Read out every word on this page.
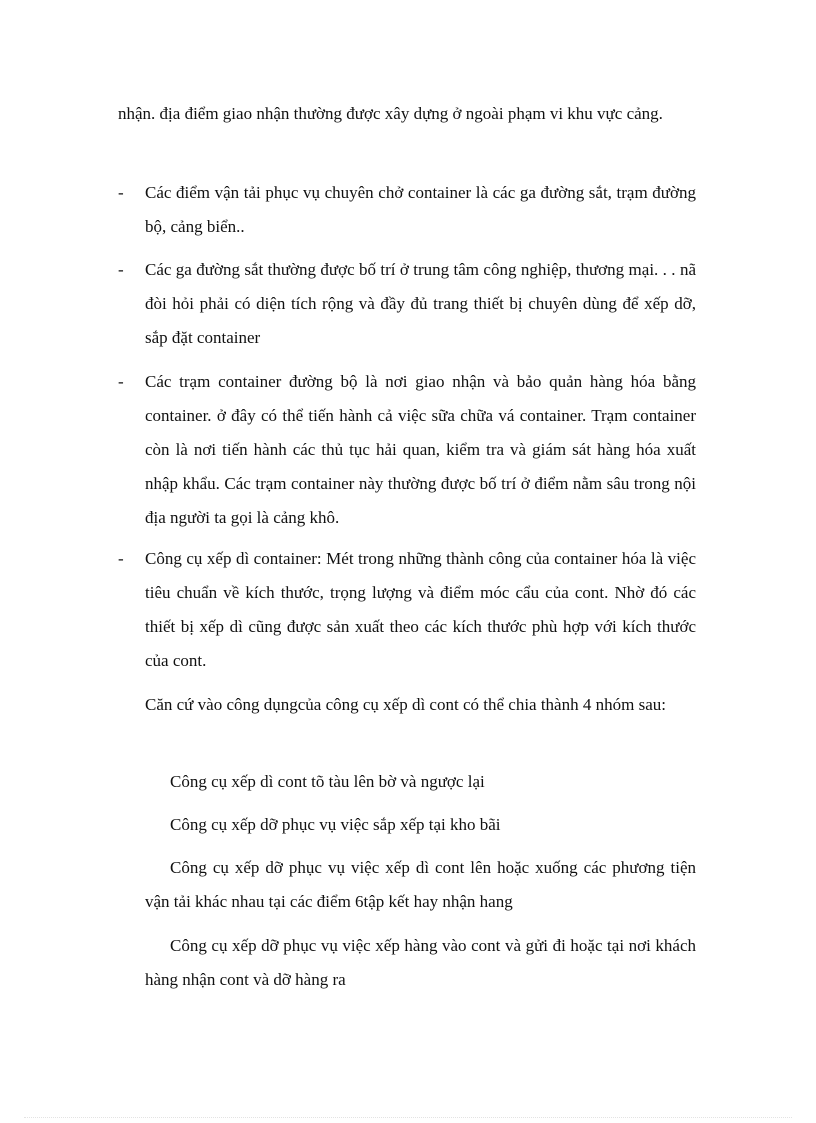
nhận. địa điểm giao nhận thường được xây dựng ở ngoài phạm vi khu vực cảng.

-	Các điểm vận tải phục vụ chuyên chở container là các ga đường sắt, trạm đường bộ, cảng biển..

-	Các ga đường sắt thường được bố trí ở trung tâm công nghiệp, thương mại. . . nã đòi hỏi phải có diện tích rộng và đầy đủ trang thiết bị chuyên dùng để xếp dỡ, sắp đặt container

-	Các trạm container đường bộ là nơi giao nhận và bảo quản hàng hóa bằng container. ở đây có thể tiến hành cả việc sữa chữa vá container. Trạm container còn là nơi tiến hành các thủ tục hải quan, kiểm tra và giám sát hàng hóa xuất nhập khẩu. Các trạm container này thường được bố trí ở điểm nằm sâu trong nội địa người ta gọi là cảng khô.

-	Công cụ xếp dì container: Mét trong những thành công của container hóa là việc tiêu chuẩn về kích thước, trọng lượng và điểm móc cẩu của cont. Nhờ đó các thiết bị xếp dì cũng được sản xuất theo các kích thước phù hợp với kích thước của cont.

Căn cứ vào công dụngcủa công cụ xếp dì cont có thể chia thành 4 nhóm sau:

Công cụ xếp dì cont tõ tàu lên bờ và ngược lại

Công cụ xếp dỡ phục vụ việc sắp xếp tại kho bãi

Công cụ xếp dỡ phục vụ việc xếp dì cont lên hoặc xuống các phương tiện vận tải khác nhau tại các điểm 6tập kết hay nhận hang

Công cụ xếp dỡ phục vụ việc xếp hàng vào cont và gửi đi hoặc tại nơi khách hàng nhận cont và dỡ hàng ra
